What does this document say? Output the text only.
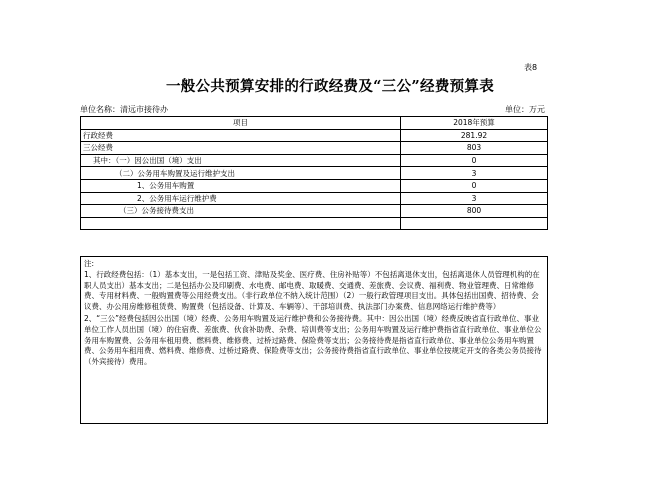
表8
一般公共预算安排的行政经费及“三公”经费预算表
单位名称：清远市接待办	单位：万元
项目	2018年预算
行政经费	281.92
三公经费	803
其中：（一）因公出国（境）支出	0
（二）公务用车购置及运行维护支出	3
1、公务用车购置	0
2、公务用车运行维护费	3
（三）公务接待费支出	800

注:

1、行政经费包括：（1）基本支出，一是包括工资、津贴及奖金、医疗费、住房补贴等）不包括离退休支出，包括离退休人员管理机构的在职人员支出）基本支出；二是包括办公及印刷费、水电费、邮电费、取暖费、交通费、差旅费、会议费、福利费、物业管理费、日常维修费、专用材料费、一般购置费等公用经费支出。（非行政单位不纳入统计范围）（2）一般行政管理项目支出。具体包括出国费、招待费、会议费、办公用房维修租赁费、购置费（包括设备、计算及、车辆等）、干部培训费、执法部门办案费、信息网络运行维护费等）

2、“三公”经费包括因公出国（境）经费、公务用车购置及运行维护费和公务接待费。其中：因公出国（境）经费反映省直行政单位、事业单位工作人员出国（境）的住宿费、差旅费、伙食补助费、杂费、培训费等支出；公务用车购置及运行维护费指省直行政单位、事业单位公务用车购置费、公务用车租用费、燃料费、维修费、过桥过路费、保险费等支出；公务接待费是指省直行政单位、事业单位公务用车购置费、公务用车租用费、燃料费、维修费、过桥过路费、保险费等支出；公务接待费指省直行政单位、事业单位按规定开支的各类公务员接待（外宾接待）费用。
